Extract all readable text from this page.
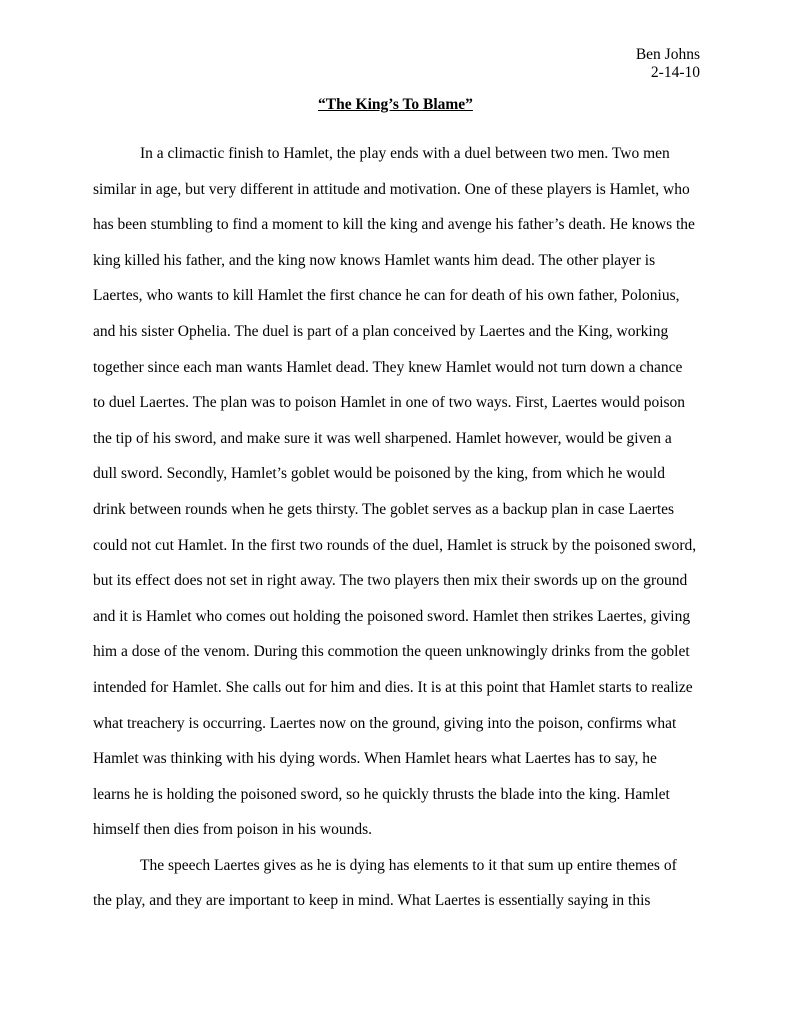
Ben Johns
2-14-10
“The King’s To Blame”
In a climactic finish to Hamlet, the play ends with a duel between two men. Two men
similar in age, but very different in attitude and motivation. One of these players is Hamlet, who
has been stumbling to find a moment to kill the king and avenge his father’s death. He knows the
king killed his father, and the king now knows Hamlet wants him dead. The other player is
Laertes, who wants to kill Hamlet the first chance he can for death of his own father, Polonius,
and his sister Ophelia. The duel is part of a plan conceived by Laertes and the King, working
together since each man wants Hamlet dead. They knew Hamlet would not turn down a chance
to duel Laertes. The plan was to poison Hamlet in one of two ways. First, Laertes would poison
the tip of his sword, and make sure it was well sharpened. Hamlet however, would be given a
dull sword. Secondly, Hamlet’s goblet would be poisoned by the king, from which he would
drink between rounds when he gets thirsty. The goblet serves as a backup plan in case Laertes
could not cut Hamlet. In the first two rounds of the duel, Hamlet is struck by the poisoned sword,
but its effect does not set in right away. The two players then mix their swords up on the ground
and it is Hamlet who comes out holding the poisoned sword. Hamlet then strikes Laertes, giving
him a dose of the venom. During this commotion the queen unknowingly drinks from the goblet
intended for Hamlet. She calls out for him and dies. It is at this point that Hamlet starts to realize
what treachery is occurring. Laertes now on the ground, giving into the poison, confirms what
Hamlet was thinking with his dying words. When Hamlet hears what Laertes has to say, he
learns he is holding the poisoned sword, so he quickly thrusts the blade into the king. Hamlet
himself then dies from poison in his wounds.
The speech Laertes gives as he is dying has elements to it that sum up entire themes of
the play, and they are important to keep in mind. What Laertes is essentially saying in this
